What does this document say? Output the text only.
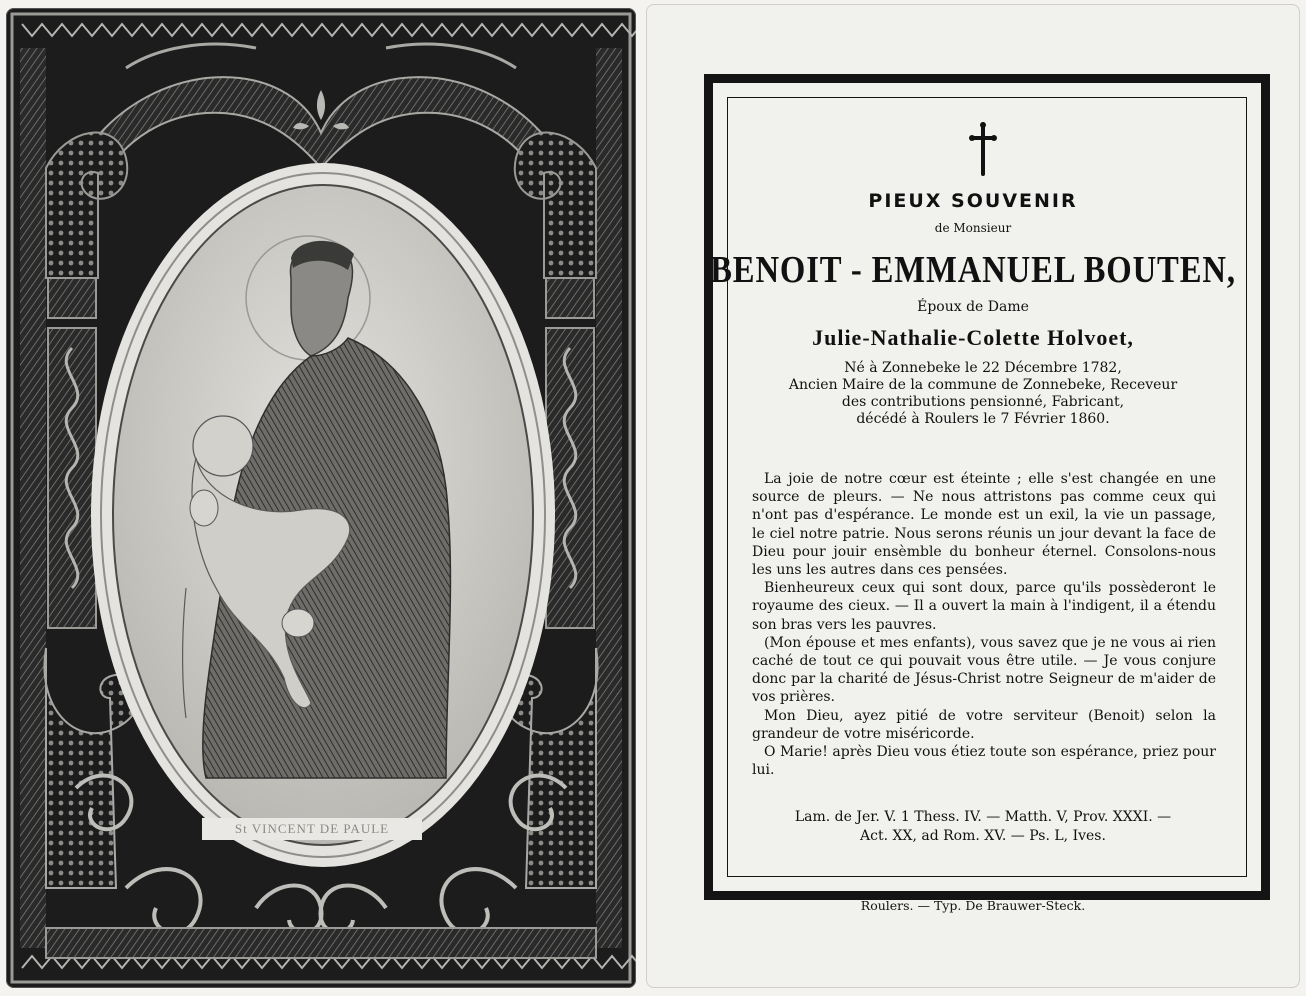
St VINCENT DE PAULE
PIEUX SOUVENIR
de Monsieur
BENOIT - EMMANUEL BOUTEN,
Époux de Dame
Julie-Nathalie-Colette Holvoet,
Né à Zonnebeke le 22 Décembre 1782,
Ancien Maire de la commune de Zonnebeke, Receveur
des contributions pensionné, Fabricant,
décédé à Roulers le 7 Février 1860.

La joie de notre cœur est éteinte ; elle s'est changée en une source de pleurs. — Ne nous attristons pas comme ceux qui n'ont pas d'espérance. Le monde est un exil, la vie un passage, le ciel notre patrie. Nous serons réunis un jour devant la face de Dieu pour jouir ensèmble du bonheur éternel. Consolons-nous les uns les autres dans ces pensées.

Bienheureux ceux qui sont doux, parce qu'ils possèderont le royaume des cieux. — Il a ouvert la main à l'indigent, il a étendu son bras vers les pauvres.

(Mon épouse et mes enfants), vous savez que je ne vous ai rien caché de tout ce qui pouvait vous être utile. — Je vous conjure donc par la charité de Jésus-Christ notre Seigneur de m'aider de vos prières.

Mon Dieu, ayez pitié de votre serviteur (Benoit) selon la grandeur de votre miséricorde.

O Marie! après Dieu vous étiez toute son espérance, priez pour lui.

Lam. de Jer. V. 1 Thess. IV. — Matth. V, Prov. XXXI. —
Act. XX, ad Rom. XV. — Ps. L, Ives.
Roulers. — Typ. De Brauwer-Steck.
